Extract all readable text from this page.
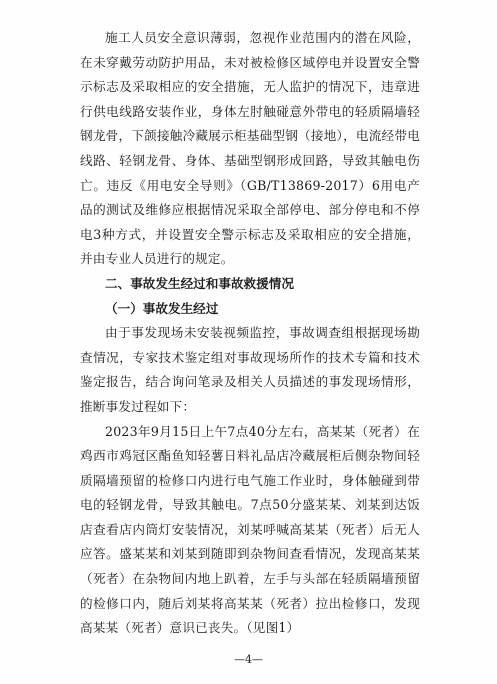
施工人员安全意识薄弱，忽视作业范围内的潜在风险，在未穿戴劳动防护用品，未对被检修区域停电并设置安全警示标志及采取相应的安全措施，无人监护的情况下，违章进行供电线路安装作业，身体左肘触碰意外带电的轻质隔墙轻钢龙骨，下颌接触冷藏展示柜基础型钢（接地），电流经带电线路、轻钢龙骨、身体、基础型钢形成回路，导致其触电伤亡。违反《用电安全导则》（GB/T13869-2017）6用电产品的测试及维修应根据情况采取全部停电、部分停电和不停电3种方式，并设置安全警示标志及采取相应的安全措施，并由专业人员进行的规定。

二、事故发生经过和事故救援情况

（一）事故发生经过

由于事发现场未安装视频监控，事故调查组根据现场勘查情况，专家技术鉴定组对事故现场所作的技术专篇和技术鉴定报告，结合询问笔录及相关人员描述的事发现场情形，推断事发过程如下：

2023年9月15日上午7点40分左右，高某某（死者）在鸡西市鸡冠区酯鱼知轻薯日料礼品店冷藏展柜后侧杂物间轻质隔墙预留的检修口内进行电气施工作业时，身体触碰到带电的轻钢龙骨，导致其触电。7点50分盛某某、刘某到达饭店查看店内筒灯安装情况，刘某呼喊高某某（死者）后无人应答。盛某某和刘某到随即到杂物间查看情况，发现高某某（死者）在杂物间内地上趴着，左手与头部在轻质隔墙预留的检修口内，随后刘某将高某某（死者）拉出检修口，发现高某某（死者）意识已丧失。（见图1）

—4—
